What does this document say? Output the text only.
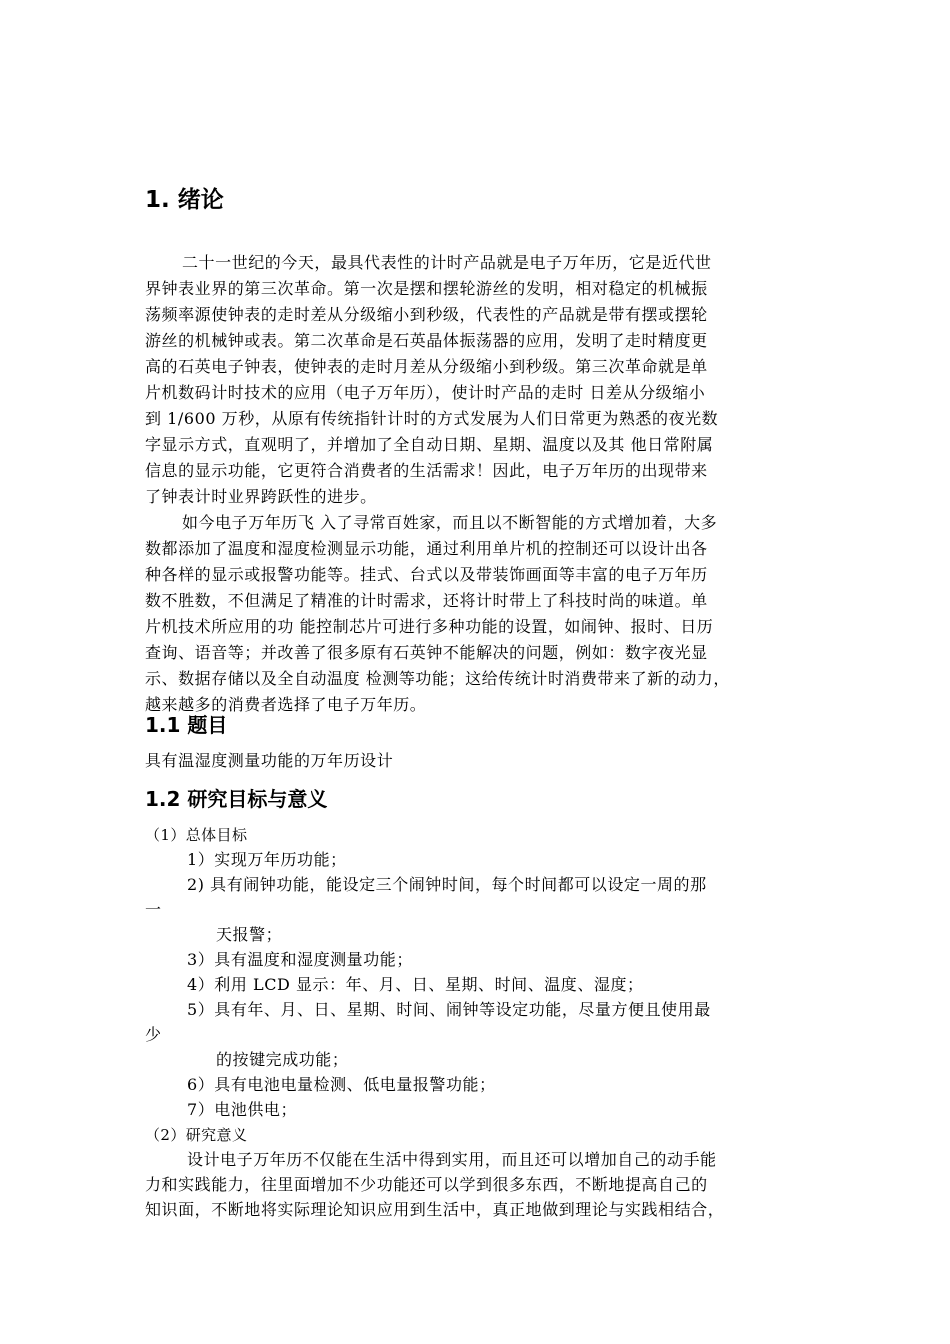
1. 绪论
二十一世纪的今天，最具代表性的计时产品就是电子万年历，它是近代世
界钟表业界的第三次革命。第一次是摆和摆轮游丝的发明，相对稳定的机械振
荡频率源使钟表的走时差从分级缩小到秒级，代表性的产品就是带有摆或摆轮
游丝的机械钟或表。第二次革命是石英晶体振荡器的应用，发明了走时精度更
高的石英电子钟表，使钟表的走时月差从分级缩小到秒级。第三次革命就是单
片机数码计时技术的应用（电子万年历），使计时产品的走时 日差从分级缩小
到 1/600 万秒，从原有传统指针计时的方式发展为人们日常更为熟悉的夜光数
字显示方式，直观明了，并增加了全自动日期、星期、温度以及其 他日常附属
信息的显示功能，它更符合消费者的生活需求！因此，电子万年历的出现带来
了钟表计时业界跨跃性的进步。
如今电子万年历飞 入了寻常百姓家，而且以不断智能的方式增加着，大多
数都添加了温度和湿度检测显示功能，通过利用单片机的控制还可以设计出各
种各样的显示或报警功能等。挂式、台式以及带装饰画面等丰富的电子万年历
数不胜数，不但满足了精准的计时需求，还将计时带上了科技时尚的味道。单
片机技术所应用的功 能控制芯片可进行多种功能的设置，如闹钟、报时、日历
查询、语音等；并改善了很多原有石英钟不能解决的问题，例如：数字夜光显
示、数据存储以及全自动温度 检测等功能；这给传统计时消费带来了新的动力，
越来越多的消费者选择了电子万年历。
1.1 题目
具有温湿度测量功能的万年历设计
1.2 研究目标与意义
（1）总体目标
1）实现万年历功能；
2) 具有闹钟功能，能设定三个闹钟时间，每个时间都可以设定一周的那
一
天报警；
3）具有温度和湿度测量功能；
4）利用 LCD 显示：年、月、日、星期、时间、温度、湿度；
5）具有年、月、日、星期、时间、闹钟等设定功能，尽量方便且使用最
少
的按键完成功能；
6）具有电池电量检测、低电量报警功能；
7）电池供电；
（2）研究意义
设计电子万年历不仅能在生活中得到实用，而且还可以增加自己的动手能
力和实践能力，往里面增加不少功能还可以学到很多东西，不断地提高自己的
知识面，不断地将实际理论知识应用到生活中，真正地做到理论与实践相结合，
